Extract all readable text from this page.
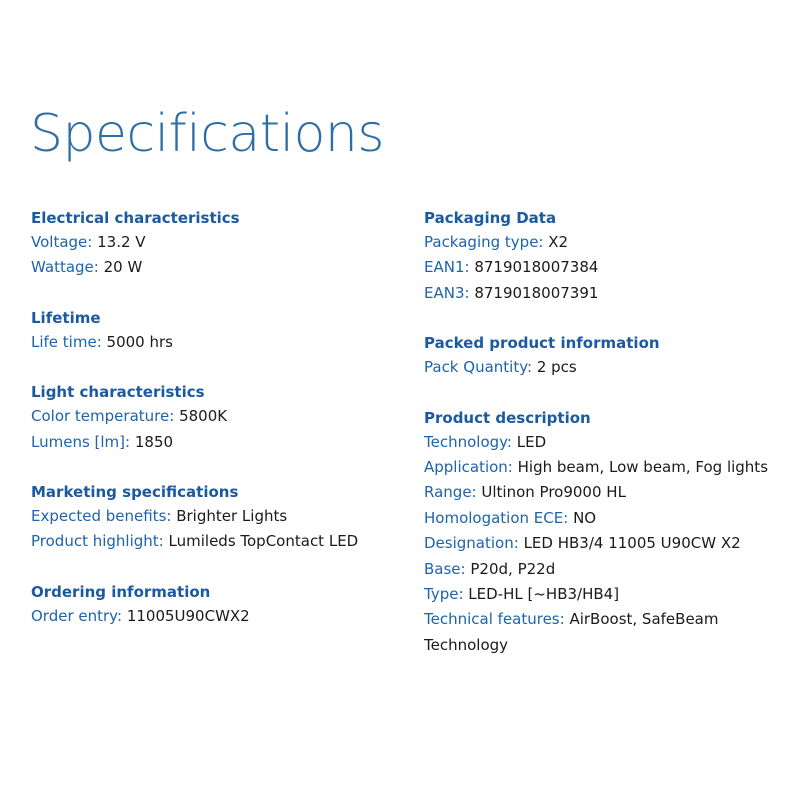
Specifications
Electrical characteristics
Voltage: 13.2 V
Wattage: 20 W
Lifetime
Life time: 5000 hrs
Light characteristics
Color temperature: 5800K
Lumens [lm]: 1850
Marketing specifications
Expected benefits: Brighter Lights
Product highlight: Lumileds TopContact LED
Ordering information
Order entry: 11005U90CWX2
Packaging Data
Packaging type: X2
EAN1: 8719018007384
EAN3: 8719018007391
Packed product information
Pack Quantity: 2 pcs
Product description
Technology: LED
Application: High beam, Low beam, Fog lights
Range: Ultinon Pro9000 HL
Homologation ECE: NO
Designation: LED HB3/4 11005 U90CW X2
Base: P20d, P22d
Type: LED-HL [~HB3/HB4]
Technical features: AirBoost, SafeBeam Technology
